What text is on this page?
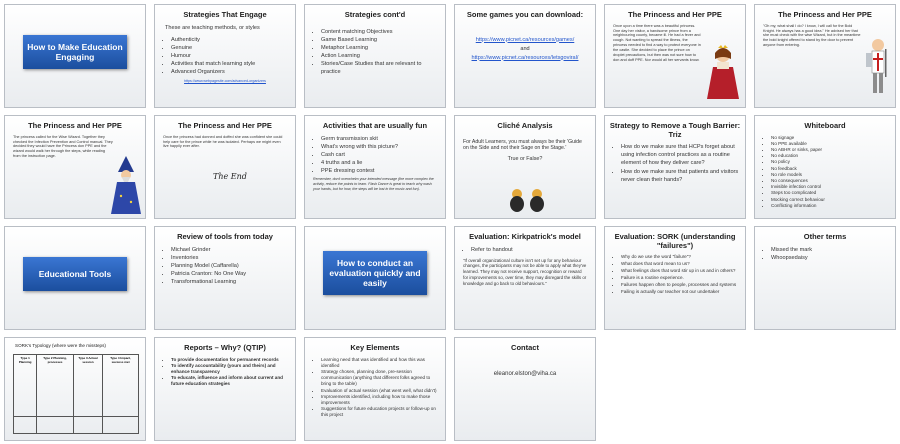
How to Make Education Engaging
Strategies That Engage

These are teaching methods, or styles

• Authenticity
• Genuine
• Humour
• Activities that match learning style
• Advanced Organizers
https://www.webpagesite.com/advanced-organizers
Strategies cont'd
• Content matching Objectives
• Game Based Learning
• Metaphor Learning
• Action Learning
• Stories/Case Studies that are relevant to practice
Some games you can download:
https://www.picnet.ca/resources/games/
and
https://www.picnet.ca/resources/letsgoviral/
The Princess and Her PPE

Once upon a time there was a beautiful princess. One day her visitor, a handsome prince from a neighbouring county, became ill. He had a fever and cough. Not wanting to spread the illness, the princess needed to find a way to protect everyone in the castle. She decided to place the prince on droplet precautions, but then was not sure how to don and doff PPE. Nor would all her servants know.

The Princess and Her PPE

"Oh my, what shall I do? I know, I will call for the Bold Knight. He always has a good idea." He advised her that she must check with the wise Wizard, but in the meantime the bold knight offered to stand by the door to prevent anyone from entering.

The Princess and Her PPE

The princess called for the Wise Wizard. Together they checked the Infection Prevention and Control manual. They decided they would have the Princess don PPE and the wizard would walk her through the steps, while reading from the instruction page.

The Princess and Her PPE

Once the princess had donned and doffed she was confident she could help care for the prince while he was isolated. Perhaps we might even live happily ever after.

The End
Activities that are usually fun
• Germ transmission skit
• What's wrong with this picture?
• Cash cart
• 4 truths and a lie
• PPE dressing contest

Remember, don't overwhelm your intended message (the more complex the activity, reduce the points to learn. Flash Dance is great to teach why wash your hands, but for how, the steps will be lost in the music and fun).

Cliché Analysis

For Adult Learners, you must always be their 'Guide on the Side and not their Sage on the Stage.'

True or False?
Strategy to Remove a Tough Barrier: Triz
• How do we make sure that HCPs forget about using infection control practices as a routine element of how they deliver care?
• How do we make sure that patients and visitors never clean their hands?
Whiteboard
• No signage
• No PPE available
• No ABHR or sinks, paper
• No education
• No policy
• No feedback
• No role models
• No consequences
• Invisible infection control
• Steps too complicated
• Mocking correct behaviour
• Conflicting information
Educational Tools
Review of tools from today
• Michael Grinder
• Inventories
• Planning Model (Caffarella)
• Patricia Cranton: No One Way
• Transformational Learning
How to conduct an evaluation quickly and easily
Evaluation: Kirkpatrick's model
• Refer to handout

"If overall organizational culture isn't set up for any behaviour changes, the participants may not be able to apply what they've learned. They may not receive support, recognition or reward for improvements so, over time, they may disregard the skills or knowledge and go back to old behaviours."

Evaluation: SORK (understanding "failures")
• Why do we use the word "failure"?
• What does that word mean to us?
• What feelings does that word stir up in us and in others?
• Failure is a routine experience.
• Failures happen often to people, processes and systems
• Failing is actually our teacher not our undertaker
Other terms
• Missed the mark
• Whoopsedaisy
SORK's Typology (where were the missteps)
Type 1 Planning	Type 2 Planning, processes	Type 3 Actual session	Type 4 Impact, success met

Reports – Why? (QTIP)
• To provide documentation for permanent records
• To identify accountability (yours and theirs) and enhance transparency
• To educate, influence and inform about current and future education strategies
Key Elements
• Learning need that was identified and how this was identified
• Strategy chosen, planning done, pre-session communication (anything that different folks agreed to bring to the table)
• Evaluation of actual session (what went well, what didn't)
• Improvements identified, including how to make those improvements
• Suggestions for future education projects or follow-up on this project
Contact
eleanor.elston@viha.ca
